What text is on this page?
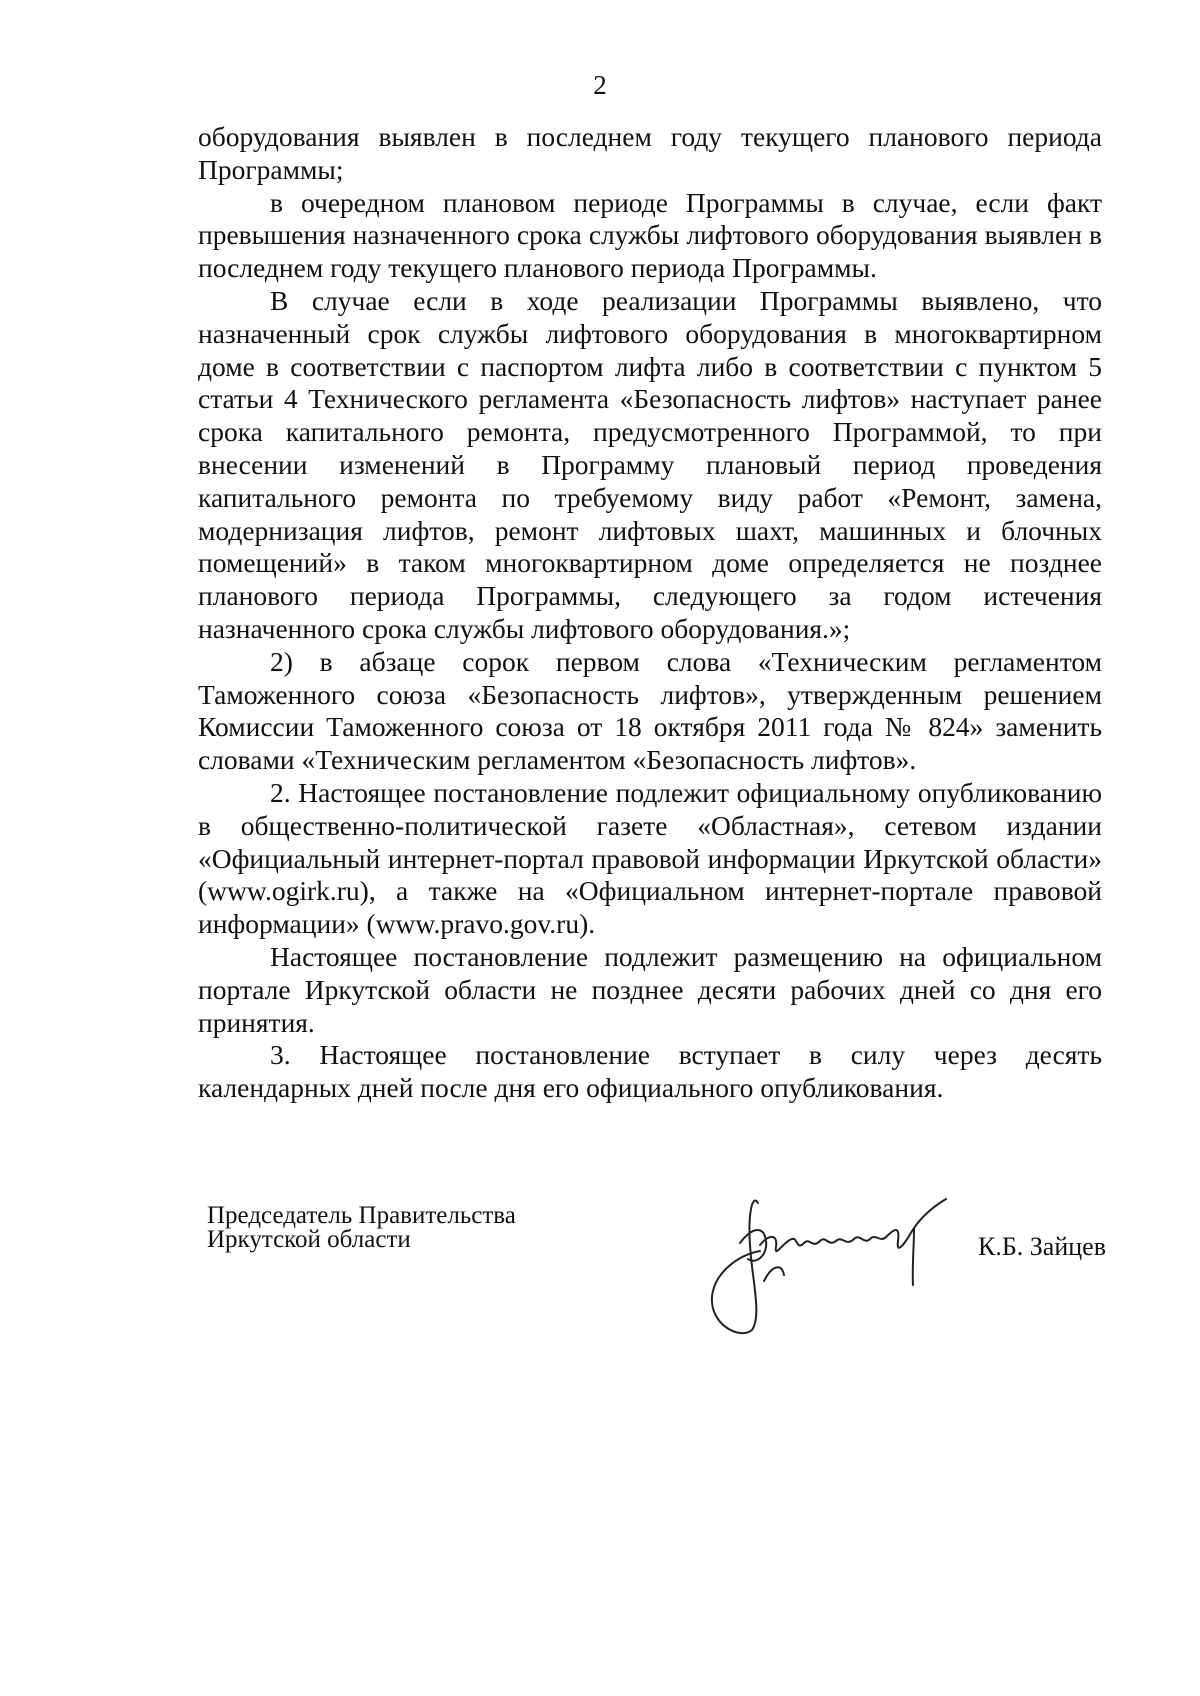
2

оборудования выявлен в последнем году текущего планового периода Программы;

в очередном плановом периоде Программы в случае, если факт превышения назначенного срока службы лифтового оборудования выявлен в последнем году текущего планового периода Программы.

В случае если в ходе реализации Программы выявлено, что назначенный срок службы лифтового оборудования в многоквартирном доме в соответствии с паспортом лифта либо в соответствии с пунктом 5 статьи 4 Технического регламента «Безопасность лифтов» наступает ранее срока капитального ремонта, предусмотренного Программой, то при внесении изменений в Программу плановый период проведения капитального ремонта по требуемому виду работ «Ремонт, замена, модернизация лифтов, ремонт лифтовых шахт, машинных и блочных помещений» в таком многоквартирном доме определяется не позднее планового периода Программы, следующего за годом истечения назначенного срока службы лифтового оборудования.»;

2) в абзаце сорок первом слова «Техническим регламентом Таможенного союза «Безопасность лифтов», утвержденным решением Комиссии Таможенного союза от 18 октября 2011 года № 824» заменить словами «Техническим регламентом «Безопасность лифтов».

2. Настоящее постановление подлежит официальному опубликованию в общественно-политической газете «Областная», сетевом издании «Официальный интернет-портал правовой информации Иркутской области» (www.ogirk.ru), а также на «Официальном интернет-портале правовой информации» (www.pravo.gov.ru).

Настоящее постановление подлежит размещению на официальном портале Иркутской области не позднее десяти рабочих дней со дня его принятия.

3. Настоящее постановление вступает в силу через десять календарных дней после дня его официального опубликования.

Председатель Правительства
Иркутской области	К.Б. Зайцев
